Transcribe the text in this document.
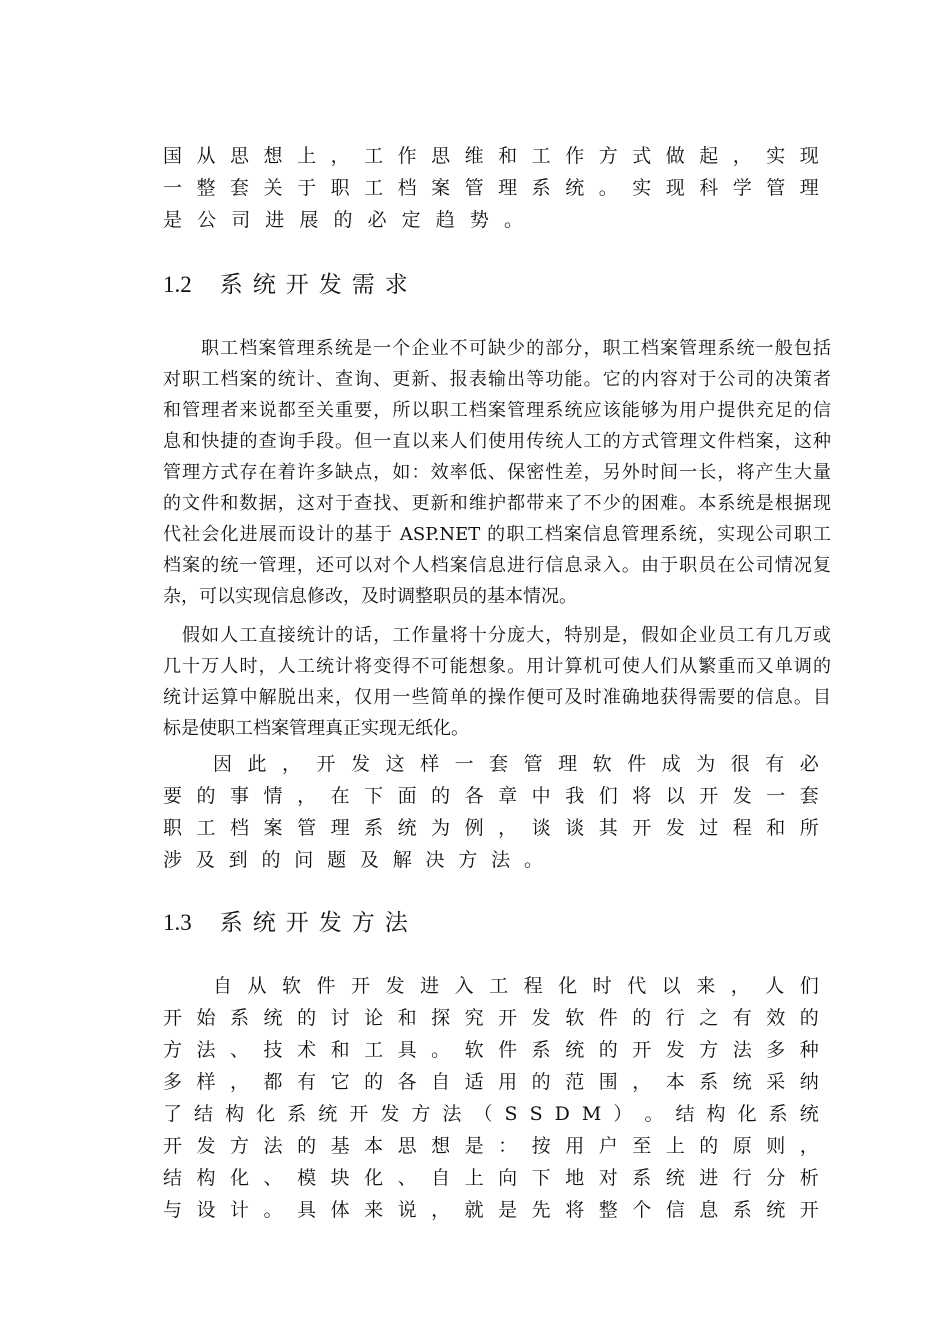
国 从 思 想 上 ， 工 作 思 维 和 工 作 方 式 做 起 ， 实 现
一 整 套 关 于 职 工 档 案 管 理 系 统 。 实 现 科 学 管 理
是 公 司 进 展 的 必 定 趋 势 。
1.2 系统开发需求
职工档案管理系统是一个企业不可缺少的部分，职工档案管理系统一般包括
对职工档案的统计、查询、更新、报表输出等功能。它的内容对于公司的决策者
和管理者来说都至关重要，所以职工档案管理系统应该能够为用户提供充足的信
息和快捷的查询手段。但一直以来人们使用传统人工的方式管理文件档案，这种
管理方式存在着许多缺点，如：效率低、保密性差，另外时间一长，将产生大量
的文件和数据，这对于查找、更新和维护都带来了不少的困难。本系统是根据现
代社会化进展而设计的基于 ASP.NET 的职工档案信息管理系统，实现公司职工
档案的统一管理，还可以对个人档案信息进行信息录入。由于职员在公司情况复
杂，可以实现信息修改，及时调整职员的基本情况。
假如人工直接统计的话，工作量将十分庞大，特别是，假如企业员工有几万或
几十万人时，人工统计将变得不可能想象。用计算机可使人们从繁重而又单调的
统计运算中解脱出来，仅用一些简单的操作便可及时准确地获得需要的信息。目
标是使职工档案管理真正实现无纸化。
因 此 ， 开 发 这 样 一 套 管 理 软 件 成 为 很 有 必
要 的 事 情 ， 在 下 面 的 各 章 中 我 们 将 以 开 发 一 套
职 工 档 案 管 理 系 统 为 例 ， 谈 谈 其 开 发 过 程 和 所
涉 及 到 的 问 题 及 解 决 方 法 。
1.3 系统开发方法
自 从 软 件 开 发 进 入 工 程 化 时 代 以 来 ， 人 们
开 始 系 统 的 讨 论 和 探 究 开 发 软 件 的 行 之 有 效 的
方 法 、 技 术 和 工 具 。 软 件 系 统 的 开 发 方 法 多 种
多 样 ， 都 有 它 的 各 自 适 用 的 范 围 ， 本 系 统 采 纳
了 结 构 化 系 统 开 发 方 法 （ S S D M ） 。 结 构 化 系 统
开 发 方 法 的 基 本 思 想 是 ： 按 用 户 至 上 的 原 则 ，
结 构 化 、 模 块 化 、 自 上 向 下 地 对 系 统 进 行 分 析
与 设 计 。 具 体 来 说 ， 就 是 先 将 整 个 信 息 系 统 开
